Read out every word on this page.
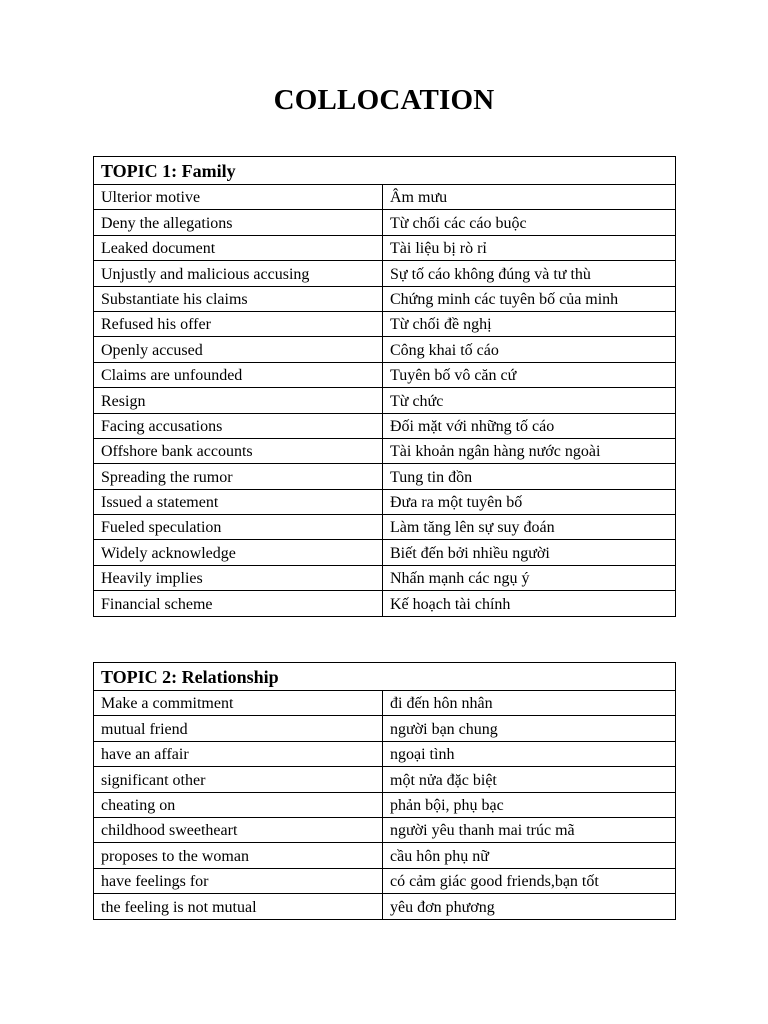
COLLOCATION
TOPIC 1: Family	
Ulterior motive	Âm mưu
Deny the allegations	Từ chối các cáo buộc
Leaked document	Tài liệu bị rò rỉ
Unjustly and malicious accusing	Sự tố cáo không đúng và tư thù
Substantiate his claims	Chứng minh các tuyên bố của minh
Refused his offer	Từ chối đề nghị
Openly accused	Công khai tố cáo
Claims are unfounded	Tuyên bố vô căn cứ
Resign	Từ chức
Facing accusations	Đối mặt với những tố cáo
Offshore bank accounts	Tài khoản ngân hàng nước ngoài
Spreading the rumor	Tung tin đồn
Issued a statement	Đưa ra một tuyên bố
Fueled speculation	Làm tăng lên sự suy đoán
Widely acknowledge	Biết đến bởi nhiều người
Heavily implies	Nhấn mạnh các ngụ ý
Financial scheme	Kế hoạch tài chính
TOPIC 2: Relationship	
Make a commitment	đi đến hôn nhân
mutual friend	người bạn chung
have an affair	ngoại tình
significant other	một nửa đặc biệt
cheating on	phản bội, phụ bạc
childhood sweetheart	người yêu thanh mai trúc mã
proposes to the woman	cầu hôn phụ nữ
have feelings for	có cảm giác good friends,bạn tốt
the feeling is not mutual	yêu đơn phương
